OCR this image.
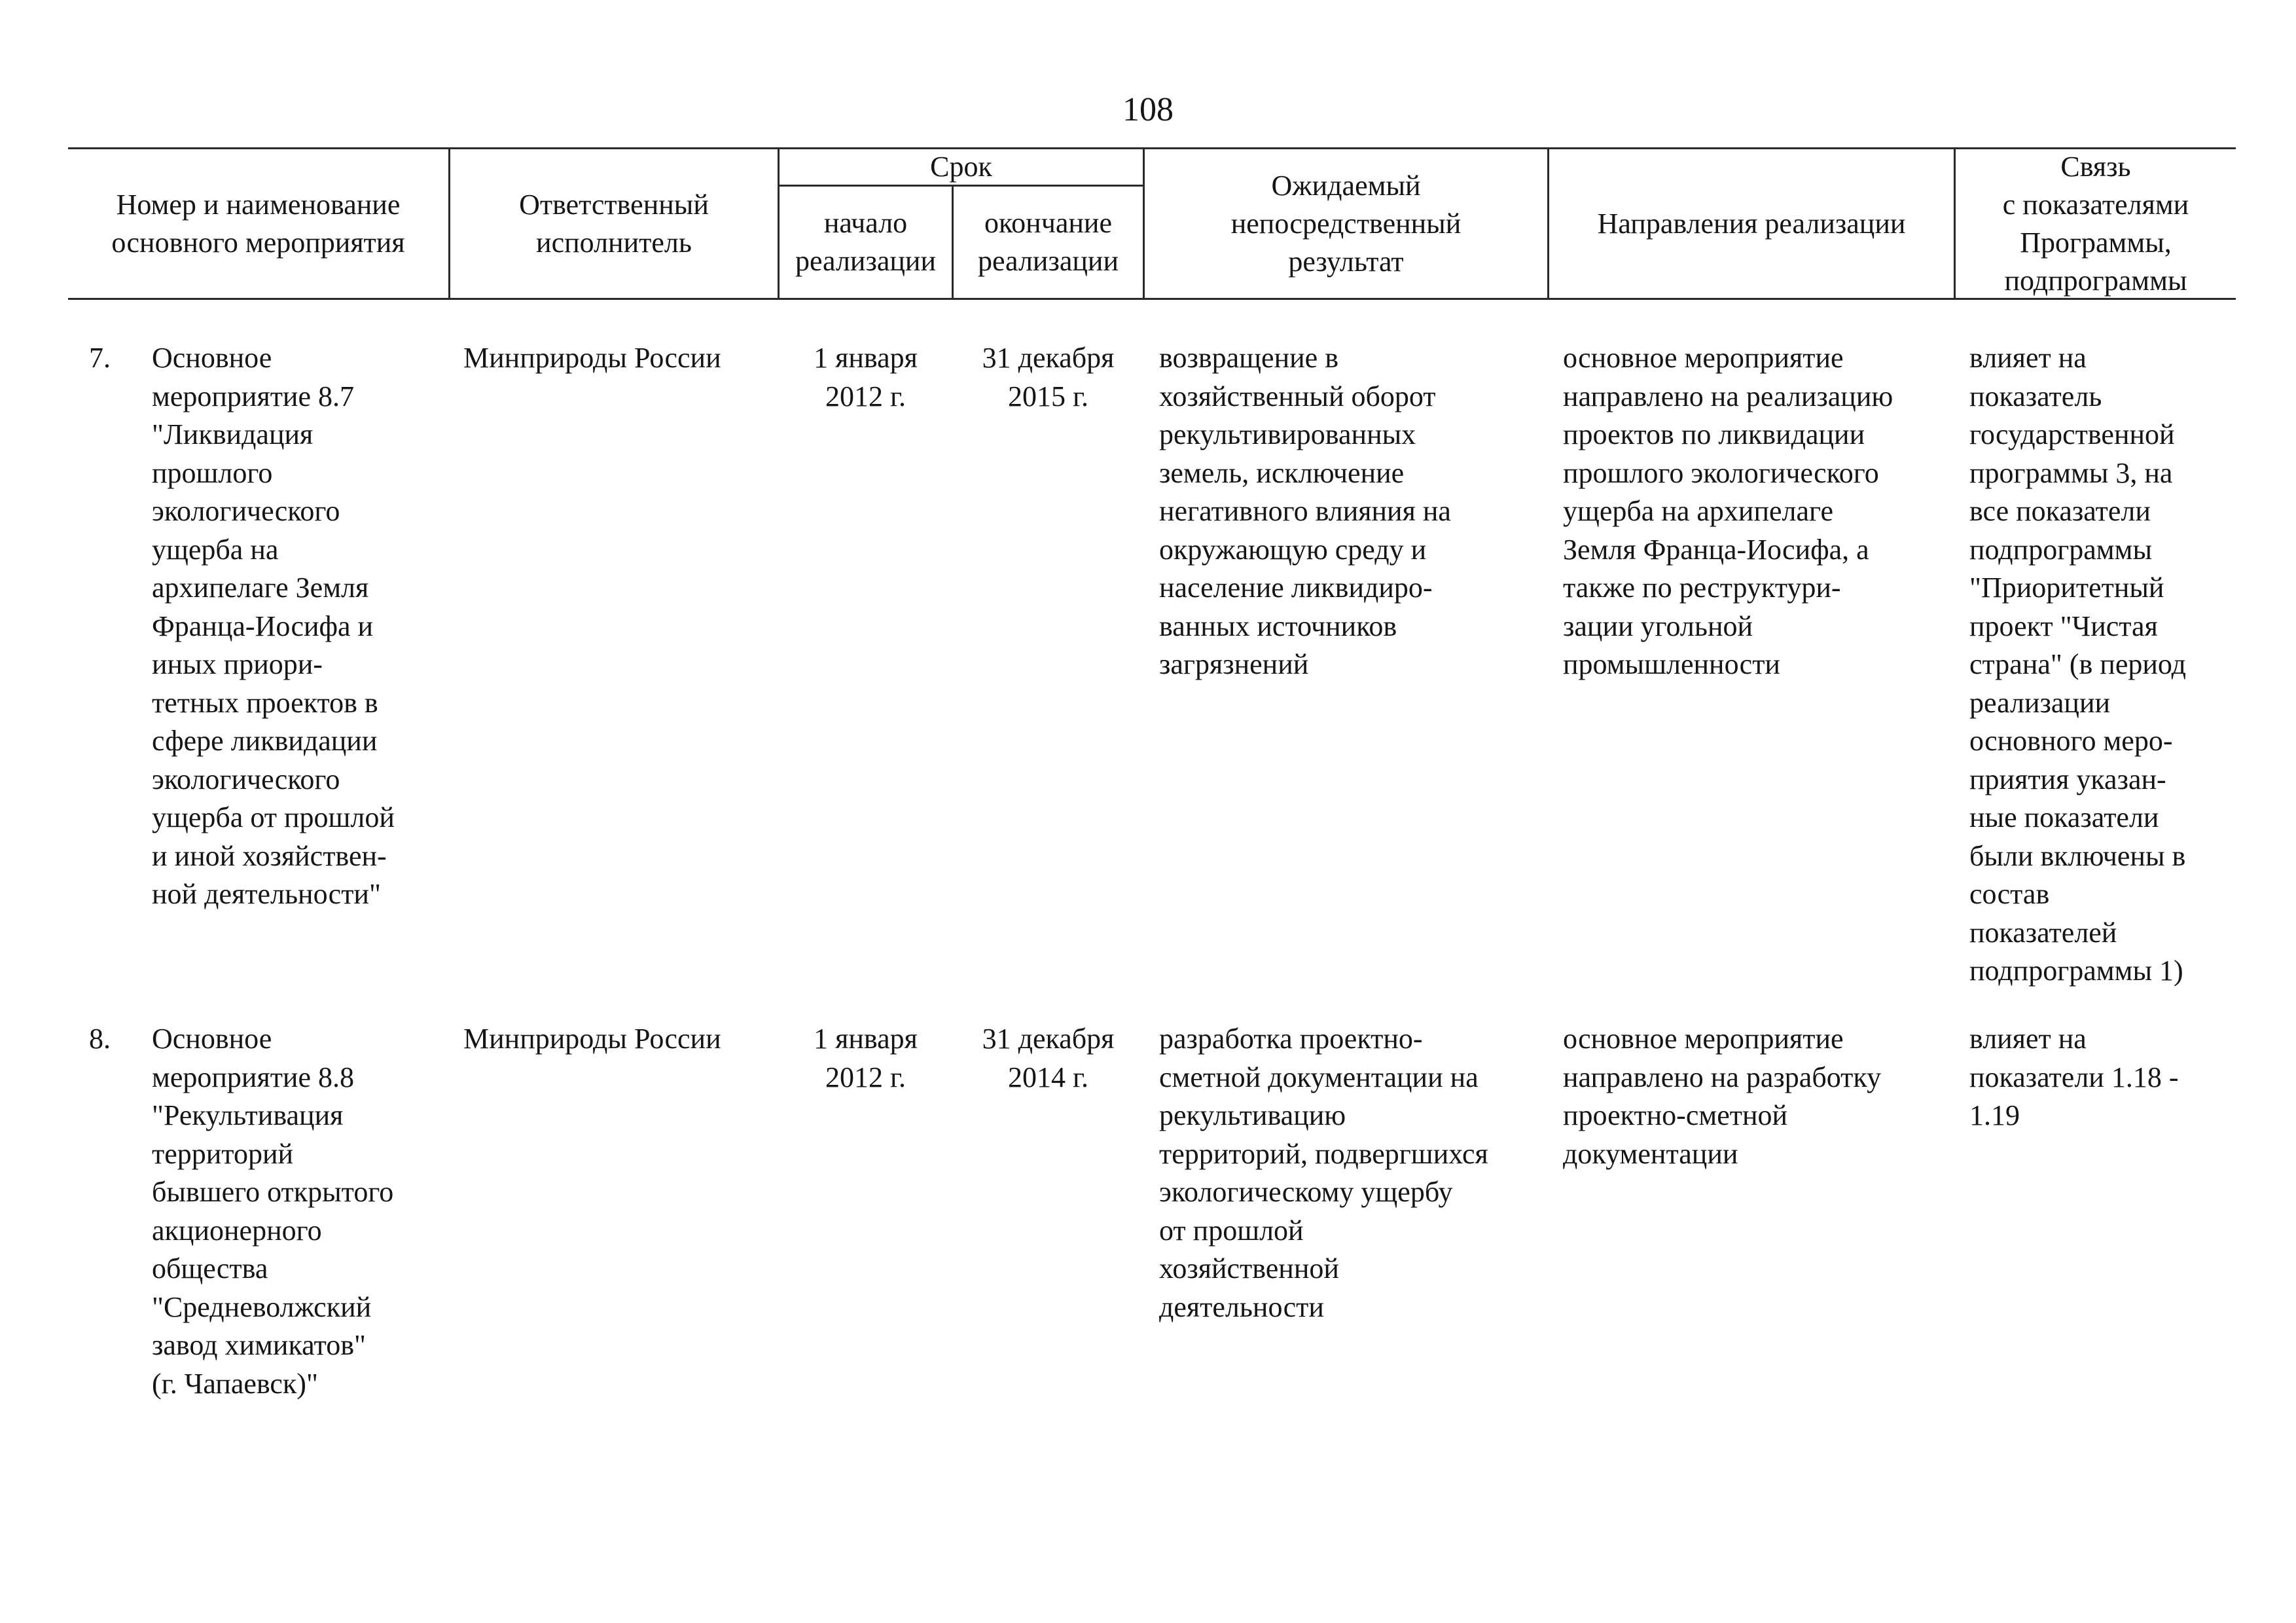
108
Номер и наименование
основного мероприятия
Ответственный
исполнитель
Срок
начало
реализации
окончание
реализации
Ожидаемый
непосредственный
результат
Направления реализации
Связь
с показателями
Программы,
подпрограммы
7. Основное
мероприятие 8.7
"Ликвидация
прошлого
экологического
ущерба на
архипелаге Земля
Франца-Иосифа и
иных приори-
тетных проектов в
сфере ликвидации
экологического
ущерба от прошлой
и иной хозяйствен-
ной деятельности"
Минприроды России	1 января
2012 г.
31 декабря
2015 г.
возвращение в
хозяйственный оборот
рекультивированных
земель, исключение
негативного влияния на
окружающую среду и
население ликвидиро-
ванных источников
загрязнений
основное мероприятие
направлено на реализацию
проектов по ликвидации
прошлого экологического
ущерба на архипелаге
Земля Франца-Иосифа, а
также по реструктури-
зации угольной
промышленности
влияет на
показатель
государственной
программы 3, на
все показатели
подпрограммы
"Приоритетный
проект "Чистая
страна" (в период
реализации
основного меро-
приятия указан-
ные показатели
были включены в
состав
показателей
подпрограммы 1)
8. Основное
мероприятие 8.8
"Рекультивация
территорий
бывшего открытого
акционерного
общества
"Средневолжский
завод химикатов"
(г. Чапаевск)"
Минприроды России	1 января
2012 г.
31 декабря
2014 г.
разработка проектно-
сметной документации на
рекультивацию
территорий, подвергшихся
экологическому ущербу
от прошлой
хозяйственной
деятельности
основное мероприятие
направлено на разработку
проектно-сметной
документации
влияет на
показатели 1.18 -
1.19
